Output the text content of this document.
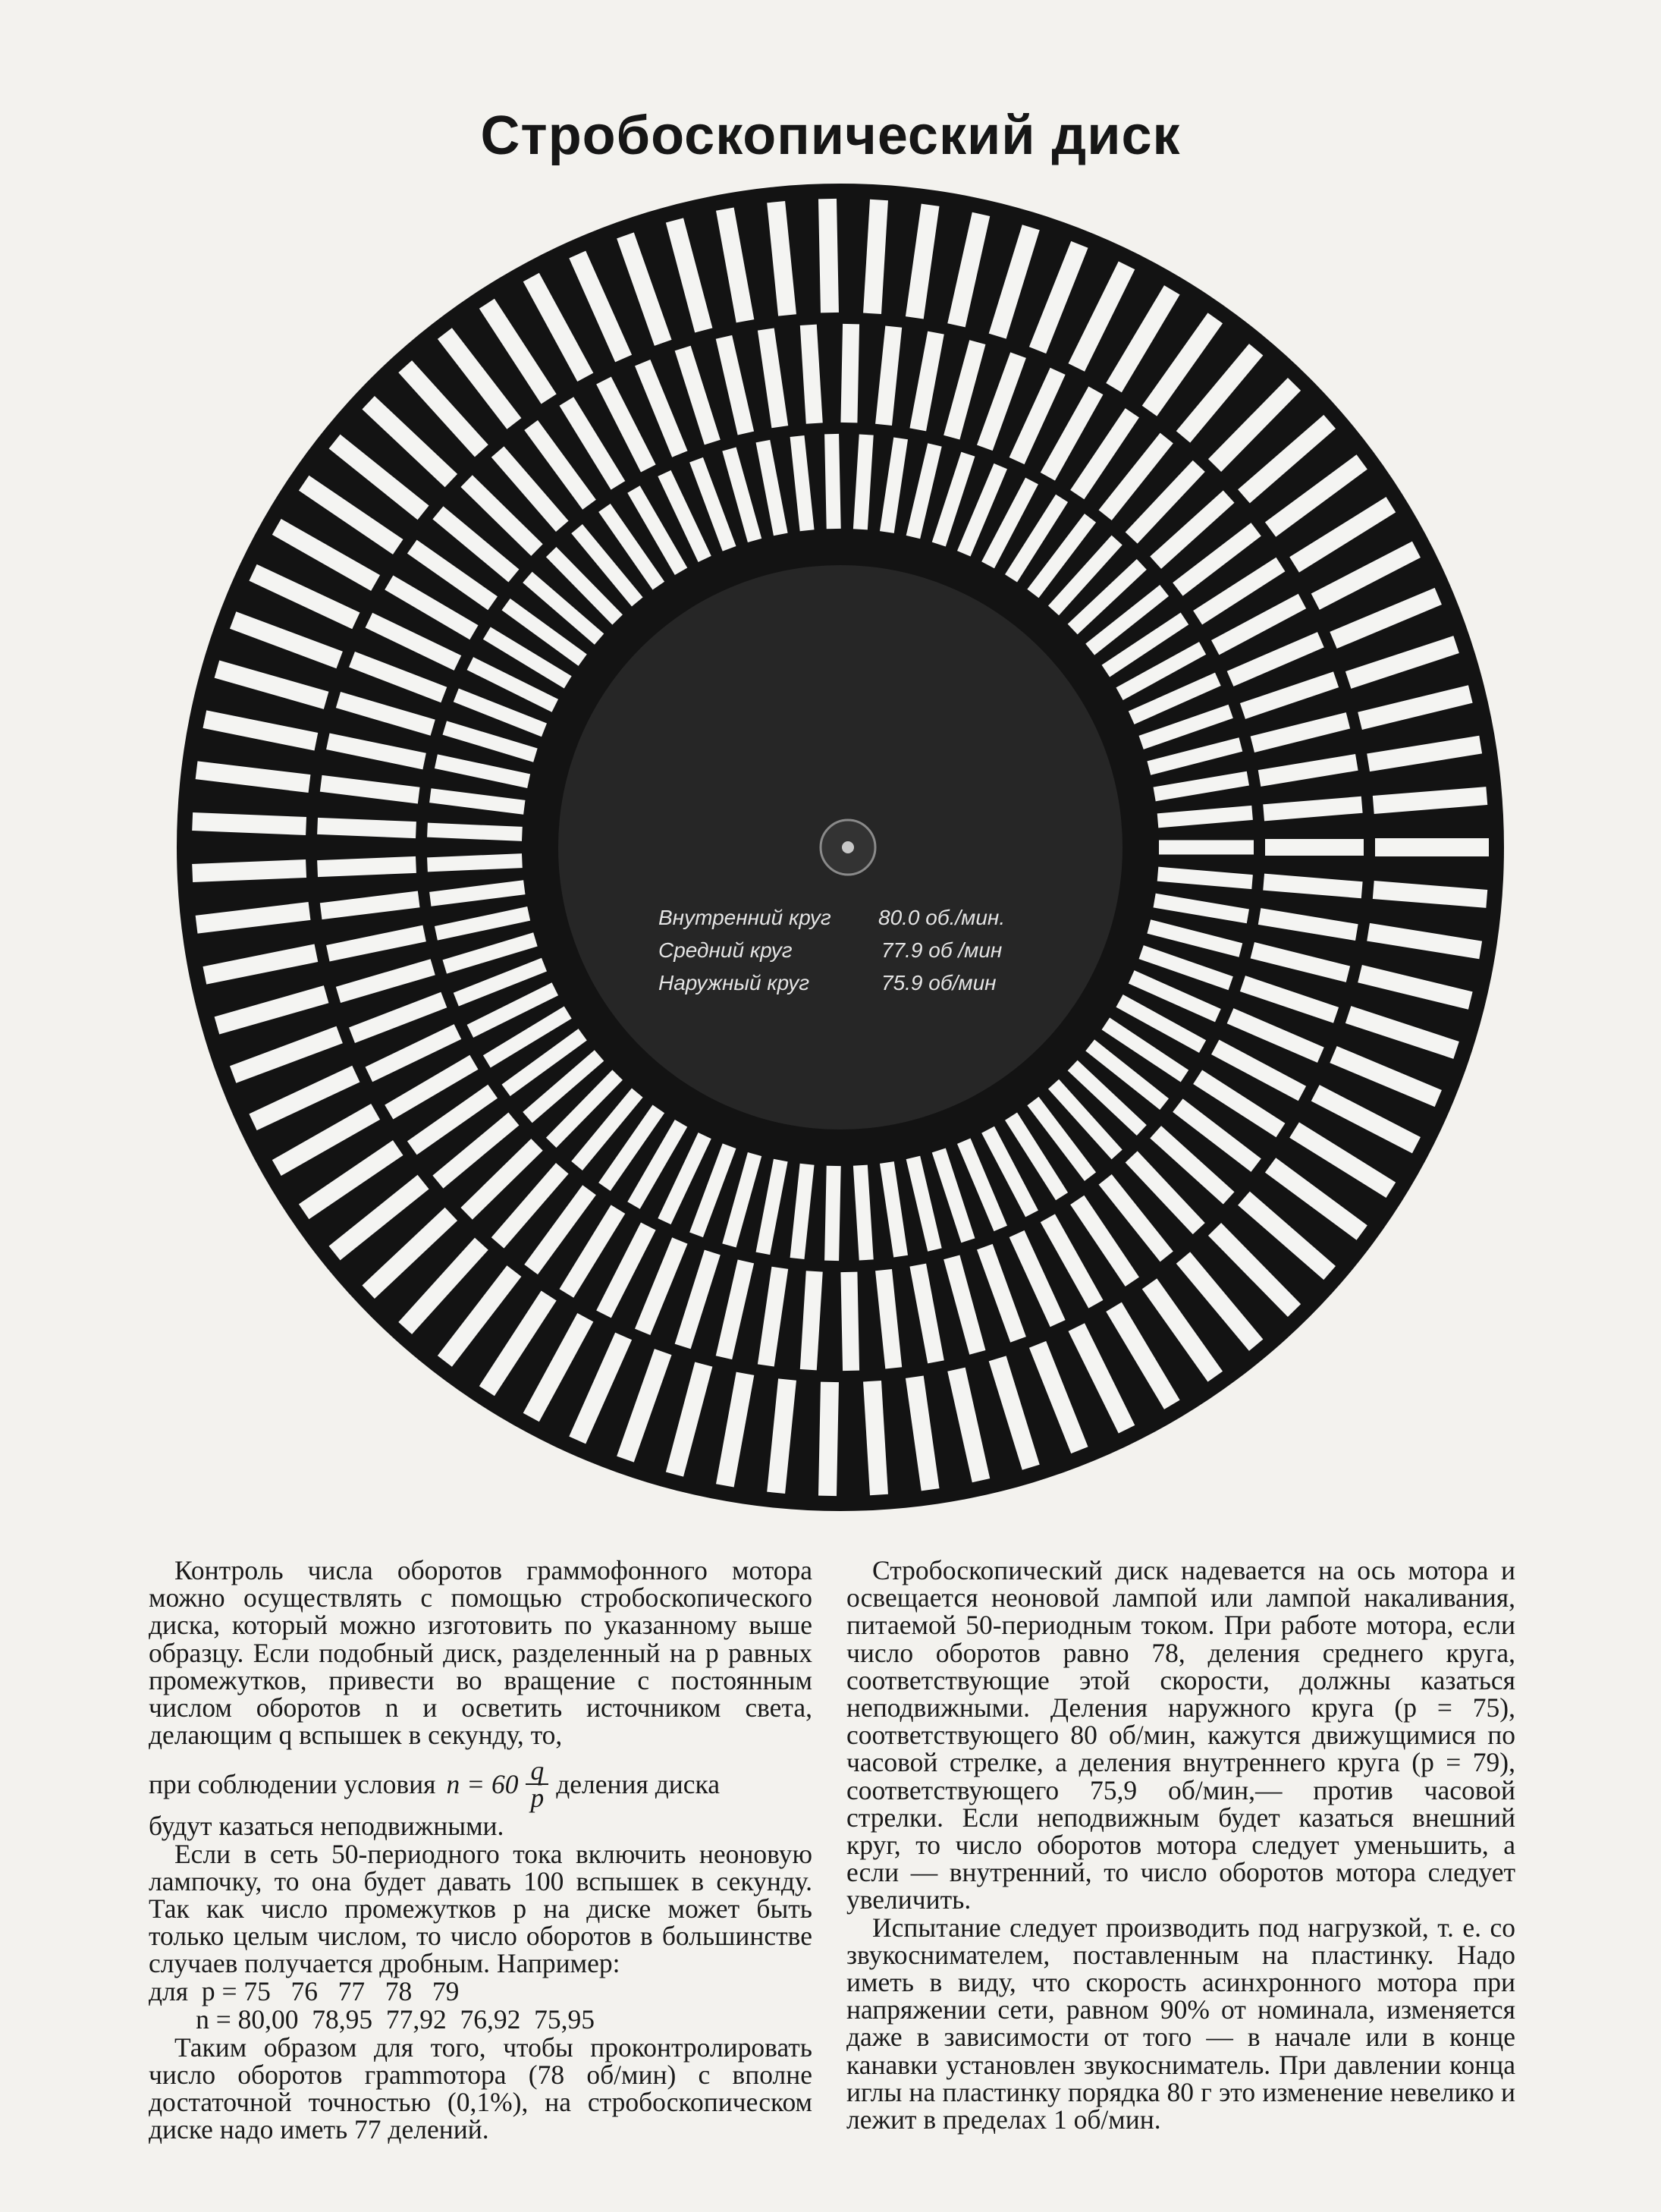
Стробоскопический диск
Внутренний круг 80.0 об./мин.
Средний круг	77.9 об /мин
Наружный круг	75.9 об/мин

Контроль числа оборотов граммофонного мотора можно осуществлять с помощью стробоскопического диска, который можно изготовить по указанному выше образцу. Если подобный диск, разделенный на p равных промежутков, привести во вращение с постоянным числом оборотов n и осветить источником света, делающим q вспышек в секунду, то,

при соблюдении условия $n = 60 \frac{q}{p}$ деления диска

будут казаться неподвижными.

Если в сеть 50-периодного тока включить неоновую лампочку, то она будет давать 100 вспышек в секунду. Так как число промежутков p на диске может быть только целым числом, то число оборотов в большинстве случаев получается дробным. Например:

для  p = 75   76   77   78   79
n = 80,00  78,95  77,92  76,92  75,95

Таким образом для того, чтобы проконтролировать число оборотов грammотора (78 об/мин) с вполне достаточной точностью (0,1%), на стробоскопическом диске надо иметь 77 делений.

Стробоскопический диск надевается на ось мотора и освещается неоновой лампой или лампой накаливания, питаемой 50-периодным током. При работе мотора, если число оборотов равно 78, деления среднего круга, соответствующие этой скорости, должны казаться неподвижными. Деления наружного круга (p = 75), соответствующего 80 об/мин, кажутся движущимися по часовой стрелке, а деления внутреннего круга (p = 79), соответствующего 75,9 об/мин,— против часовой стрелки. Если неподвижным будет казаться внешний круг, то число оборотов мотора следует уменьшить, а если — внутренний, то число оборотов мотора следует увеличить.

Испытание следует производить под нагрузкой, т. е. со звукоснимателем, поставленным на пластинку. Надо иметь в виду, что скорость асинхронного мотора при напряжении сети, равном 90% от номинала, изменяется даже в зависимости от того — в начале или в конце канавки установлен звукосниматель. При давлении конца иглы на пластинку порядка 80 г это изменение невелико и лежит в пределах 1 об/мин.
